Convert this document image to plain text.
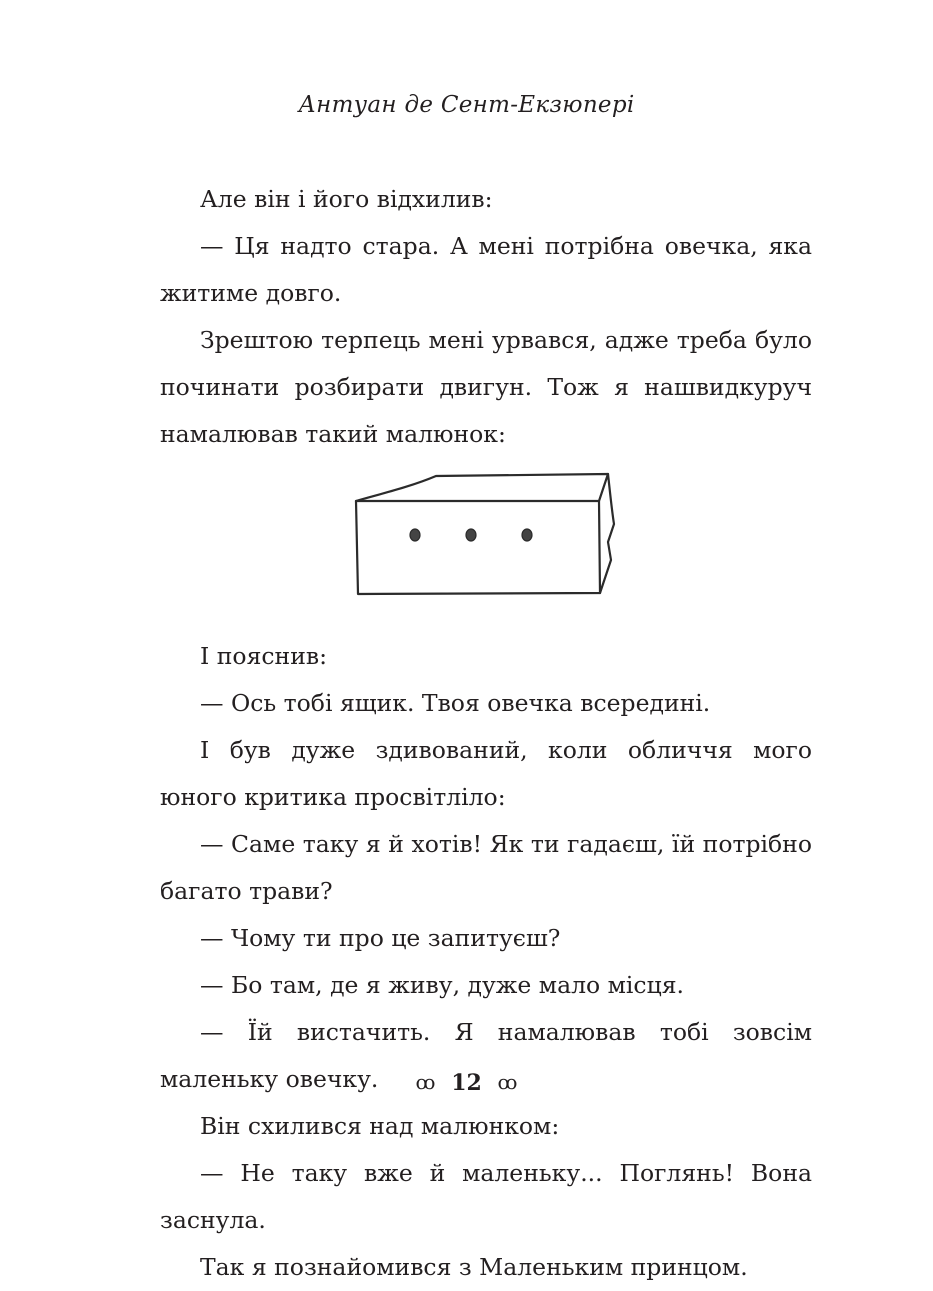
Антуан де Сент-Екзюпері

Але він і його відхилив:

— Ця надто стара. А мені потрібна овечка, яка житиме довго.

Зрештою терпець мені урвався, адже треба було починати розбирати двигун. Тож я нашвидкуруч намалював такий малюнок:

І пояснив:

— Ось тобі ящик. Твоя овечка всередині.

І був дуже здивований, коли обличчя мого юного критика просвітліло:

— Саме таку я й хотів! Як ти гадаєш, їй потрібно багато трави?

— Чому ти про це запитуєш?

— Бо там, де я живу, дуже мало місця.

— Їй вистачить. Я намалював тобі зовсім маленьку овечку.

Він схилився над малюнком:

— Не таку вже й маленьку... Поглянь! Вона заснула.

Так я познайомився з Маленьким принцом.

ꝏ 12 ꝏ
